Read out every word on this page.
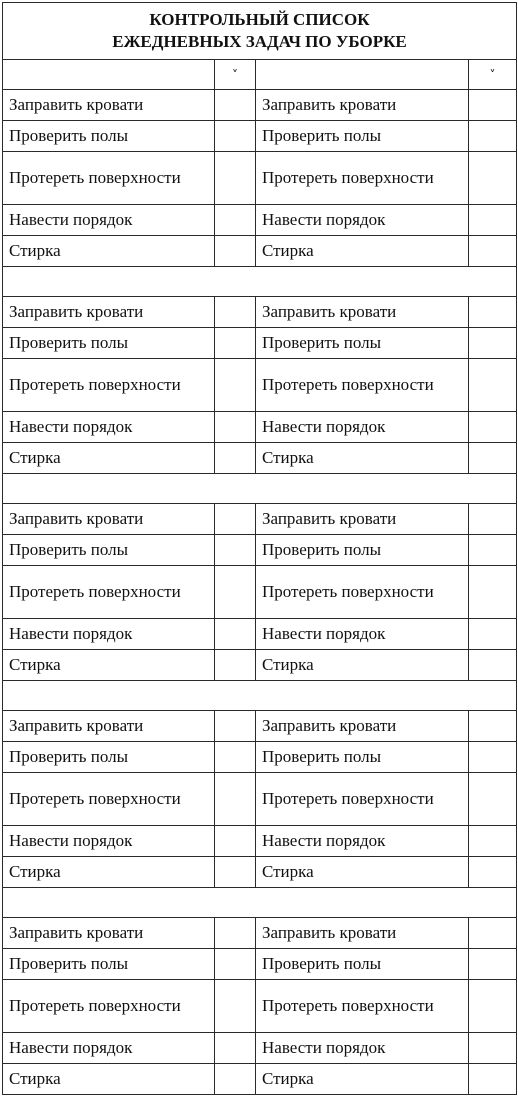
КОНТРОЛЬНЫЙ СПИСОК
ЕЖЕДНЕВНЫХ ЗАДАЧ ПО УБОРКЕ			

	˅		˅
Заправить кровати		Заправить кровати	
Проверить полы		Проверить полы	
Протереть поверхности		Протереть поверхности	
Навести порядок		Навести порядок	
Стирка		Стирка	

Заправить кровати		Заправить кровати	
Проверить полы		Проверить полы	
Протереть поверхности		Протереть поверхности	
Навести порядок		Навести порядок	
Стирка		Стирка	

Заправить кровати		Заправить кровати	
Проверить полы		Проверить полы	
Протереть поверхности		Протереть поверхности	
Навести порядок		Навести порядок	
Стирка		Стирка	

Заправить кровати		Заправить кровати	
Проверить полы		Проверить полы	
Протереть поверхности		Протереть поверхности	
Навести порядок		Навести порядок	
Стирка		Стирка	

Заправить кровати		Заправить кровати	
Проверить полы		Проверить полы	
Протереть поверхности		Протереть поверхности	
Навести порядок		Навести порядок	
Стирка		Стирка	
